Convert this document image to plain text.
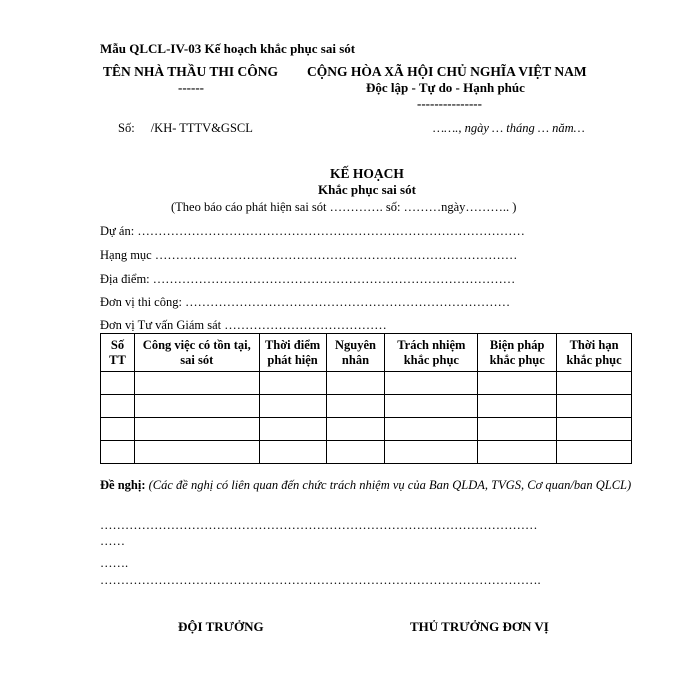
Mẫu QLCL-IV-03 Kế hoạch khắc phục sai sót
TÊN NHÀ THẦU THI CÔNG
------
CỘNG HÒA XÃ HỘI CHỦ NGHĨA VIỆT NAM
Độc lập - Tự do - Hạnh phúc
---------------
Số: /KH- TTTV&GSCL	……., ngày … tháng … năm…
KẾ HOẠCH
Khắc phục sai sót
(Theo báo cáo phát hiện sai sót …………. số: ………ngày……….. )
Dự án: …………………………………………………………………………………
Hạng mục ……………………………………………………………………………
Địa điểm: ……………………………………………………………………………
Đơn vị thi công: ……………………………………………………………………
Đơn vị Tư vấn Giám sát …………………………………
Số TT	Công việc có tồn tại, sai sót	Thời điểm phát hiện	Nguyên nhân	Trách nhiệm khắc phục	Biện pháp khắc phục	Thời hạn khắc phục

Đề nghị: (Các đề nghị có liên quan đến chức trách nhiệm vụ của Ban QLDA, TVGS, Cơ quan/ban QLCL)
……………………………………………………………………………………………
……
…….
…………………………………………………………………………………………….
ĐỘI TRƯỞNG	THỦ TRƯỞNG ĐƠN VỊ
